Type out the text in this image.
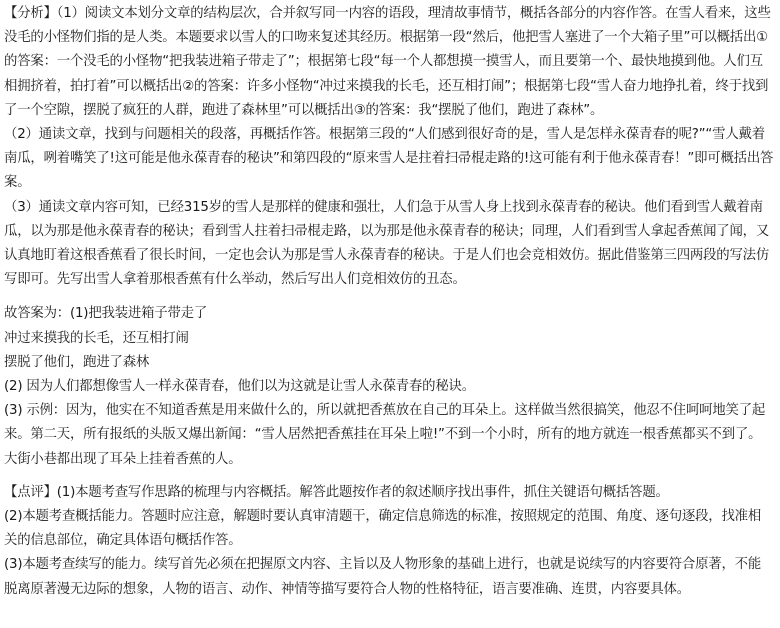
【分析】（1）阅读文本划分文章的结构层次，合并叙写同一内容的语段，理清故事情节，概括各部分的内容作答。在雪人看来，这些没毛的小怪物们指的是人类。本题要求以雪人的口吻来复述其经历。根据第一段“然后，他把雪人塞进了一个大箱子里”可以概括出①的答案：一个没毛的小怪物“把我装进箱子带走了”；根据第七段“每一个人都想摸一摸雪人，而且要第一个、最快地摸到他。人们互相拥挤着，拍打着”可以概括出②的答案：许多小怪物“冲过来摸我的长毛，还互相打闹”；根据第七段“雪人奋力地挣扎着，终于找到了一个空隙，摆脱了疯狂的人群，跑进了森林里”可以概括出③的答案：我“摆脱了他们，跑进了森林”。

（2）通读文章，找到与问题相关的段落，再概括作答。根据第三段的“人们感到很好奇的是，雪人是怎样永葆青春的呢?”“雪人戴着南瓜，咧着嘴笑了!这可能是他永葆青春的秘诀”和第四段的“原来雪人是拄着扫帚棍走路的!这可能有利于他永葆青春！”即可概括出答案。

（3）通读文章内容可知，已经315岁的雪人是那样的健康和强壮，人们急于从雪人身上找到永葆青春的秘诀。他们看到雪人戴着南瓜，以为那是他永葆青春的秘诀；看到雪人拄着扫帚棍走路，以为那是他永葆青春的秘诀；同理，人们看到雪人拿起香蕉闻了闻，又认真地盯着这根香蕉看了很长时间，一定也会认为那是雪人永葆青春的秘诀。于是人们也会竞相效仿。据此借鉴第三四两段的写法仿写即可。先写出雪人拿着那根香蕉有什么举动，然后写出人们竞相效仿的丑态。

故答案为：(1)把我装进箱子带走了

冲过来摸我的长毛，还互相打闹

摆脱了他们，跑进了森林

(2) 因为人们都想像雪人一样永葆青春，他们以为这就是让雪人永葆青春的秘诀。

(3) 示例：因为，他实在不知道香蕉是用来做什么的，所以就把香蕉放在自己的耳朵上。这样做当然很搞笑，他忍不住呵呵地笑了起来。第二天，所有报纸的头版又爆出新闻：“雪人居然把香蕉挂在耳朵上啦!”不到一个小时，所有的地方就连一根香蕉都买不到了。大街小巷都出现了耳朵上挂着香蕉的人。

【点评】(1)本题考查写作思路的梳理与内容概括。解答此题按作者的叙述顺序找出事件，抓住关键语句概括答题。

(2)本题考查概括能力。答题时应注意，解题时要认真审清题干，确定信息筛选的标准，按照规定的范围、角度、逐句逐段，找准相关的信息部位，确定具体语句概括作答。

(3)本题考查续写的能力。续写首先必须在把握原文内容、主旨以及人物形象的基础上进行，也就是说续写的内容要符合原著，不能脱离原著漫无边际的想象，人物的语言、动作、神情等描写要符合人物的性格特征，语言要准确、连贯，内容要具体。
